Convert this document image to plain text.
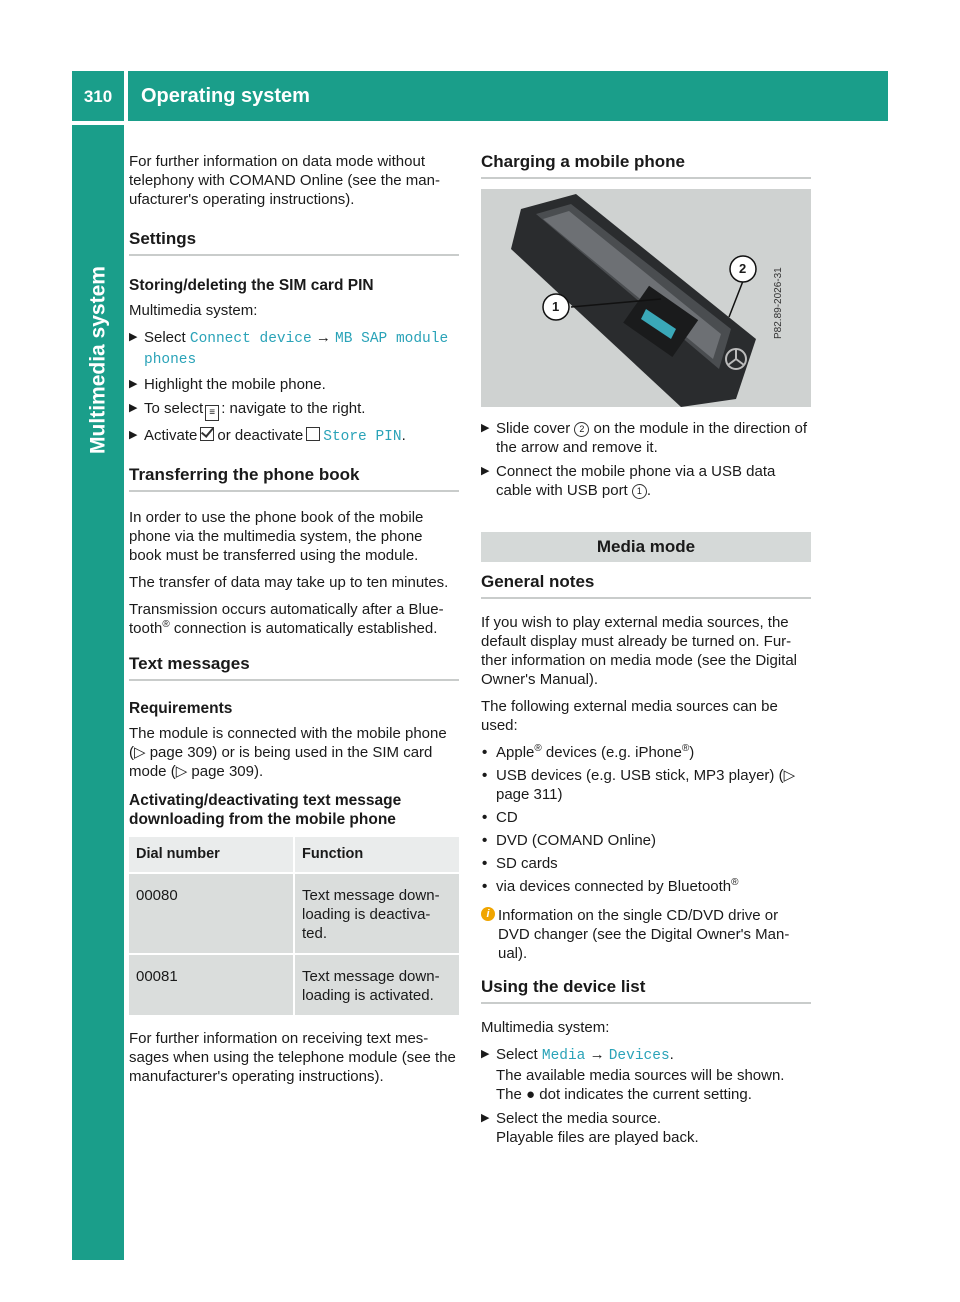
310	Operating system
Multimedia system

For further information on data mode without telephony with COMAND Online (see the man-ufacturer's operating instructions).

Settings
Storing/deleting the SIM card PIN

Multimedia system:

▶ Select Connect device → MB SAP module phones
▶ Highlight the mobile phone.
▶ To select ≡ : navigate to the right.
▶ Activate or deactivate Store PIN.
Transferring the phone book

In order to use the phone book of the mobile phone via the multimedia system, the phone book must be transferred using the module.

The transfer of data may take up to ten minutes.

Transmission occurs automatically after a Blue-tooth® connection is automatically established.

Text messages
Requirements

The module is connected with the mobile phone (▷ page 309) or is being used in the SIM card mode (▷ page 309).

Activating/deactivating text message downloading from the mobile phone
Dial number	Function
00080	Text message down-loading is deactiva-ted.
00081	Text message down-loading is activated.

For further information on receiving text mes-sages when using the telephone module (see the manufacturer's operating instructions).

Charging a mobile phone
1
2	P82.89-2026-31
▶ Slide cover 2 on the module in the direction of the arrow and remove it.
▶ Connect the mobile phone via a USB data cable with USB port 1 .
Media mode
General notes

If you wish to play external media sources, the default display must already be turned on. Fur-ther information on media mode (see the Digital Owner's Manual).

The following external media sources can be used:

• Apple® devices (e.g. iPhone®)
• USB devices (e.g. USB stick, MP3 player) (▷ page 311)
• CD
• DVD (COMAND Online)
• SD cards
• via devices connected by Bluetooth®
i Information on the single CD/DVD drive or DVD changer (see the Digital Owner's Man-ual).
Using the device list

Multimedia system:

▶ Select Media → Devices.
The available media sources will be shown.
The ● dot indicates the current setting.
▶ Select the media source.
Playable files are played back.
